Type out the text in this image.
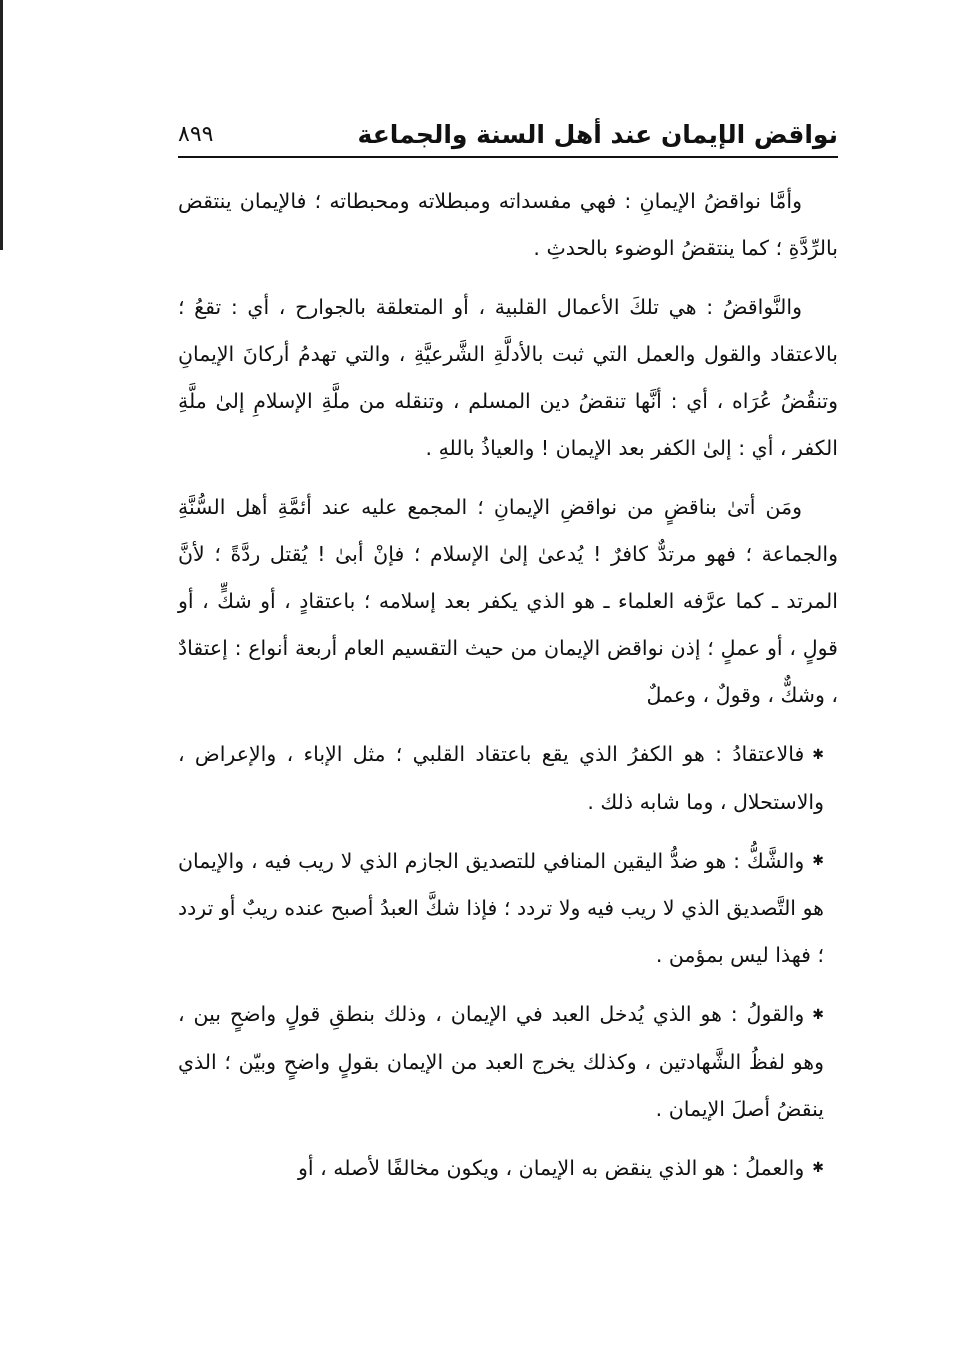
نواقض الإيمان عند أهل السنة والجماعة
٨٩٩

وأمَّا نواقضُ الإيمانِ : فهي مفسداته ومبطلاته ومحبطاته ؛ فالإيمان ينتقض بالرِّدَّةِ ؛ كما ينتقضُ الوضوء بالحدثِ .

والنَّواقضُ : هي تلكَ الأعمال القلبية ، أو المتعلقة بالجوارح ، أي : تقعُ ؛ بالاعتقاد والقول والعمل التي ثبت بالأدلَّةِ الشَّرعيَّةِ ، والتي تهدمُ أركانَ الإيمانِ وتنقُضُ عُرَاه ، أي : أنَّها تنقضُ دين المسلم ، وتنقله من ملَّةِ الإسلامِ إلىٰ ملَّةِ الكفر ، أي : إلىٰ الكفر بعد الإيمان ! والعياذُ باللهِ .

ومَن أتىٰ بناقضٍ من نواقضِ الإيمانِ ؛ المجمع عليه عند أئمَّةِ أهل السُّنَّةِ والجماعة ؛ فهو مرتدٌّ كافرٌ ! يُدعىٰ إلىٰ الإسلام ؛ فإنْ أبىٰ ! يُقتل ردَّةً ؛ لأنَّ المرتد ـ كما عرَّفه العلماء ـ هو الذي يكفر بعد إسلامه ؛ باعتقادٍ ، أو شكٍّ ، أو قولٍ ، أو عملٍ ؛ إذن نواقض الإيمان من حيث التقسيم العام أربعة أنواع : إعتقادٌ ، وشكٌّ ، وقولٌ ، وعملٌ

✱ فالاعتقادُ : هو الكفرُ الذي يقع باعتقاد القلبي ؛ مثل الإباء ، والإعراض ، والاستحلال ، وما شابه ذلك .

✱ والشَّكُّ : هو ضدُّ اليقين المنافي للتصديق الجازم الذي لا ريب فيه ، والإيمان هو التَّصديق الذي لا ريب فيه ولا تردد ؛ فإذا شكَّ العبدُ أصبح عنده ريبٌ أو تردد ؛ فهذا ليس بمؤمن .

✱ والقولُ : هو الذي يُدخل العبد في الإيمان ، وذلك بنطقِ قولٍ واضحٍ بين ، وهو لفظُ الشَّهادتين ، وكذلك يخرج العبد من الإيمان بقولٍ واضحٍ وبيّن ؛ الذي ينقضُ أصلَ الإيمان .

✱ والعملُ : هو الذي ينقض به الإيمان ، ويكون مخالفًا لأصله ، أو
